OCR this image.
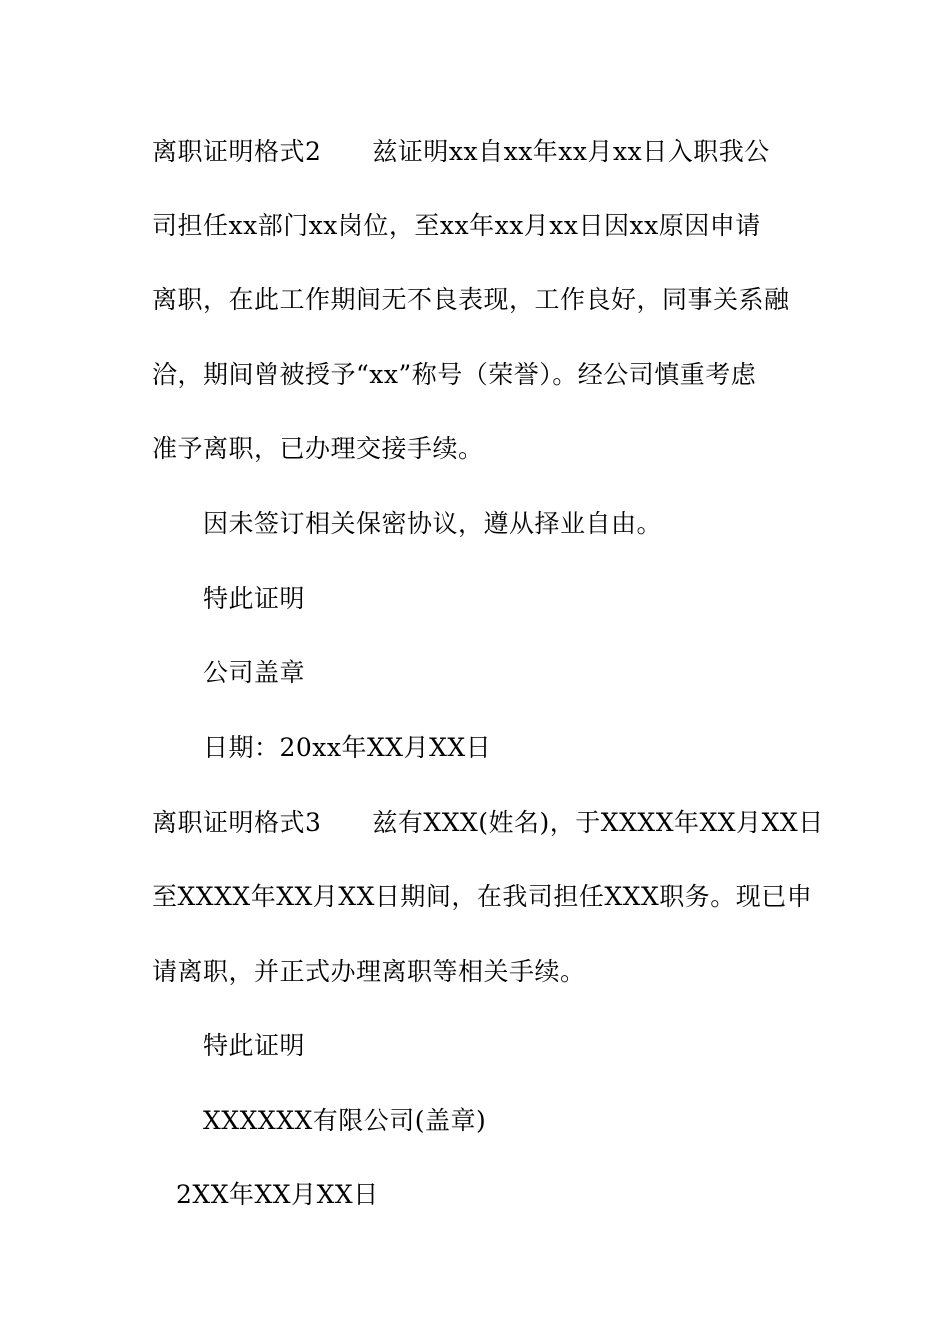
离职证明格式2　　兹证明xx自xx年xx月xx日入职我公
司担任xx部门xx岗位，至xx年xx月xx日因xx原因申请
离职，在此工作期间无不良表现，工作良好，同事关系融
洽，期间曾被授予“xx”称号（荣誉）。经公司慎重考虑
准予离职，已办理交接手续。
因未签订相关保密协议，遵从择业自由。
特此证明
公司盖章
日期：20xx年XX月XX日
离职证明格式3　　兹有XXX(姓名)，于XXXX年XX月XX日
至XXXX年XX月XX日期间，在我司担任XXX职务。现已申
请离职，并正式办理离职等相关手续。
特此证明
XXXXXX有限公司(盖章)
2XX年XX月XX日
